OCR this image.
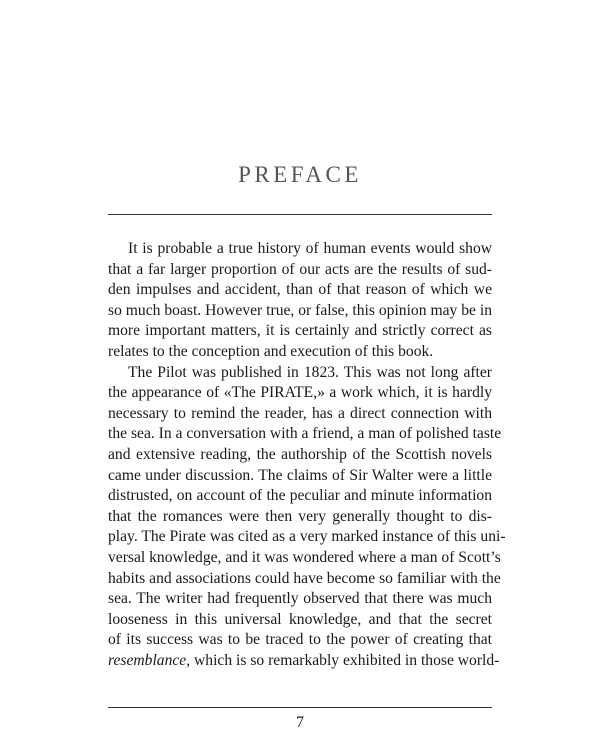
PREFACE
It is probable a true history of human events would show
that a far larger proportion of our acts are the results of sud-
den impulses and accident, than of that reason of which we
so much boast. However true, or false, this opinion may be in
more important matters, it is certainly and strictly correct as
relates to the conception and execution of this book.
The Pilot was published in 1823. This was not long after
the appearance of «The PIRATE,» a work which, it is hardly
necessary to remind the reader, has a direct connection with
the sea. In a conversation with a friend, a man of polished taste
and extensive reading, the authorship of the Scottish novels
came under discussion. The claims of Sir Walter were a little
distrusted, on account of the peculiar and minute information
that the romances were then very generally thought to dis-
play. The Pirate was cited as a very marked instance of this uni-
versal knowledge, and it was wondered where a man of Scott’s
habits and associations could have become so familiar with the
sea. The writer had frequently observed that there was much
looseness in this universal knowledge, and that the secret
of its success was to be traced to the power of creating that
resemblance, which is so remarkably exhibited in those world-
7
